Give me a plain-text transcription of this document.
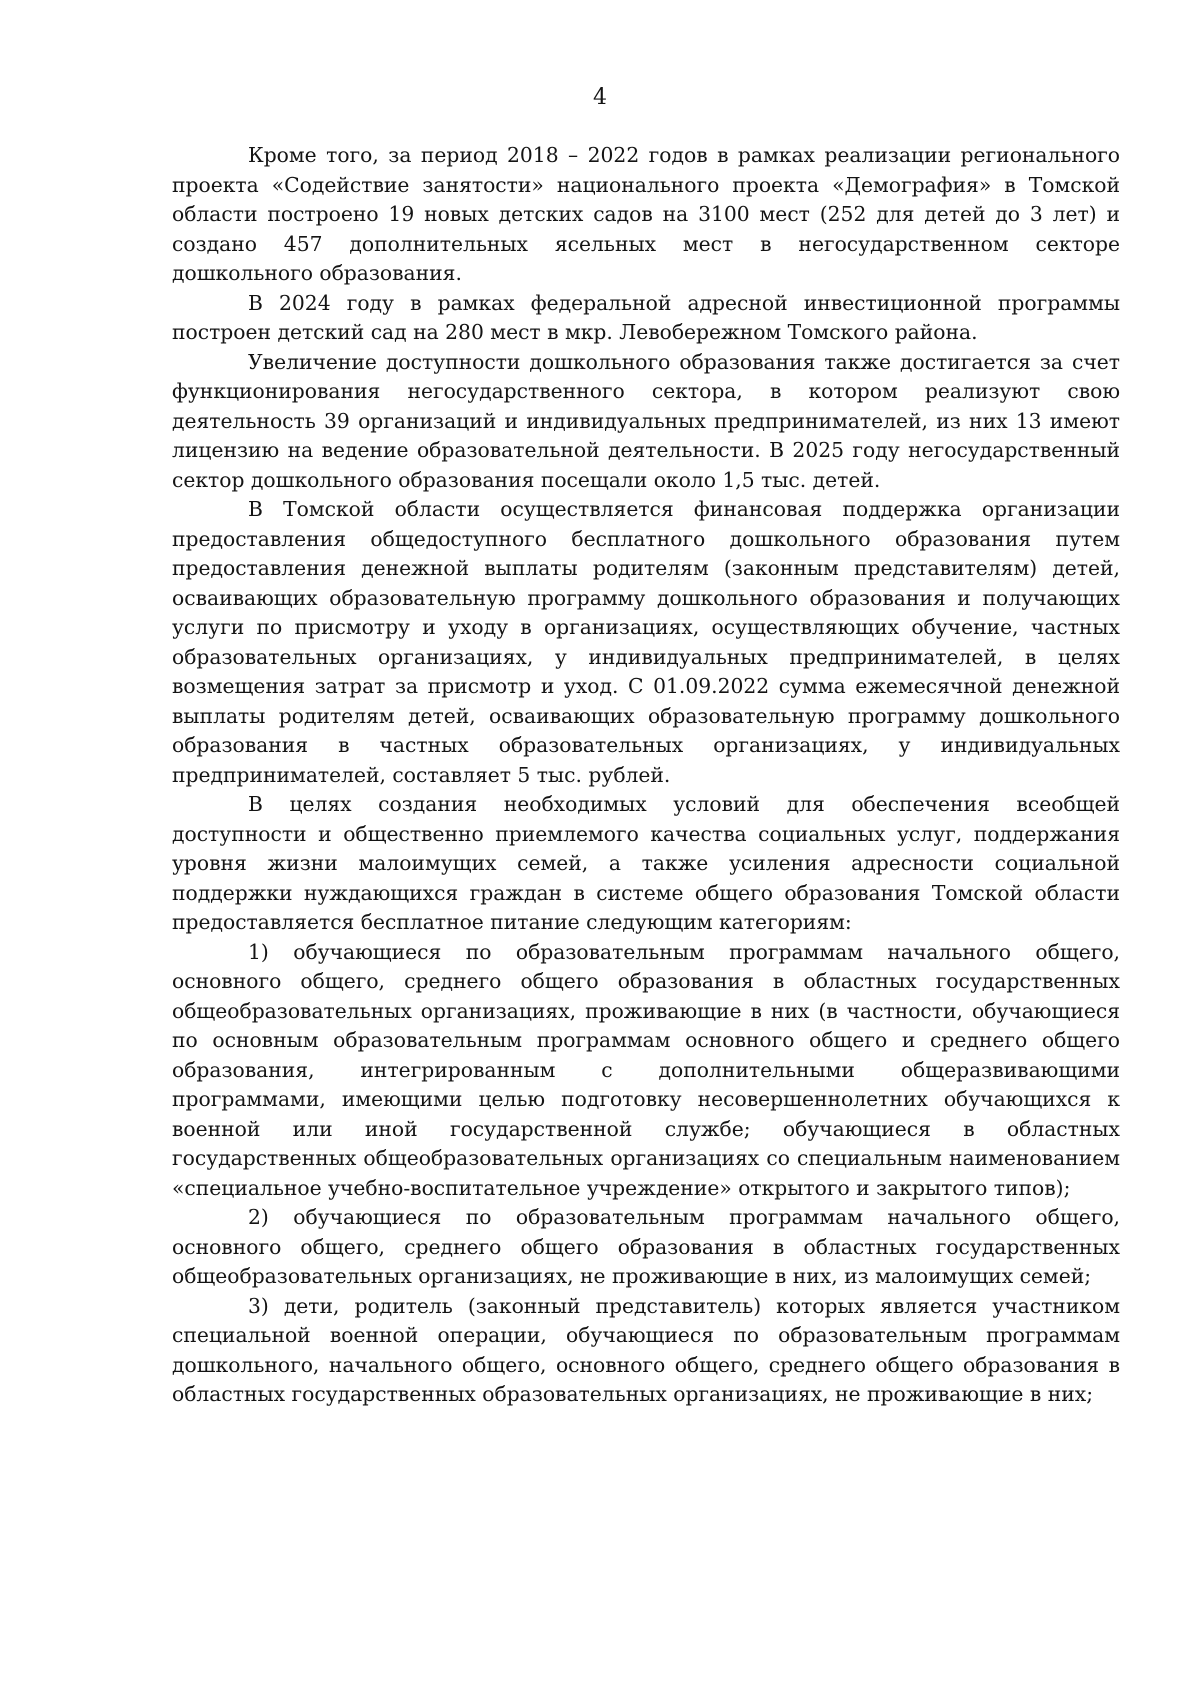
4

Кроме того, за период 2018 – 2022 годов в рамках реализации регионального проекта «Содействие занятости» национального проекта «Демография» в Томской области построено 19 новых детских садов на 3100 мест (252 для детей до 3 лет) и создано 457 дополнительных ясельных мест в негосударственном секторе дошкольного образования.

В 2024 году в рамках федеральной адресной инвестиционной программы построен детский сад на 280 мест в мкр. Левобережном Томского района.

Увеличение доступности дошкольного образования также достигается за счет функционирования негосударственного сектора, в котором реализуют свою деятельность 39 организаций и индивидуальных предпринимателей, из них 13 имеют лицензию на ведение образовательной деятельности. В 2025 году негосударственный сектор дошкольного образования посещали около 1,5 тыс. детей.

В Томской области осуществляется финансовая поддержка организации предоставления общедоступного бесплатного дошкольного образования путем предоставления денежной выплаты родителям (законным представителям) детей, осваивающих образовательную программу дошкольного образования и получающих услуги по присмотру и уходу в организациях, осуществляющих обучение, частных образовательных организациях, у индивидуальных предпринимателей, в целях возмещения затрат за присмотр и уход. С 01.09.2022 сумма ежемесячной денежной выплаты родителям детей, осваивающих образовательную программу дошкольного образования в частных образовательных организациях, у индивидуальных предпринимателей, составляет 5 тыс. рублей.

В целях создания необходимых условий для обеспечения всеобщей доступности и общественно приемлемого качества социальных услуг, поддержания уровня жизни малоимущих семей, а также усиления адресности социальной поддержки нуждающихся граждан в системе общего образования Томской области предоставляется бесплатное питание следующим категориям:

1) обучающиеся по образовательным программам начального общего, основного общего, среднего общего образования в областных государственных общеобразовательных организациях, проживающие в них (в частности, обучающиеся по основным образовательным программам основного общего и среднего общего образования, интегрированным с дополнительными общеразвивающими программами, имеющими целью подготовку несовершеннолетних обучающихся к военной или иной государственной службе; обучающиеся в областных государственных общеобразовательных организациях со специальным наименованием «специальное учебно-воспитательное учреждение» открытого и закрытого типов);

2) обучающиеся по образовательным программам начального общего, основного общего, среднего общего образования в областных государственных общеобразовательных организациях, не проживающие в них, из малоимущих семей;

3) дети, родитель (законный представитель) которых является участником специальной военной операции, обучающиеся по образовательным программам дошкольного, начального общего, основного общего, среднего общего образования в областных государственных образовательных организациях, не проживающие в них;
